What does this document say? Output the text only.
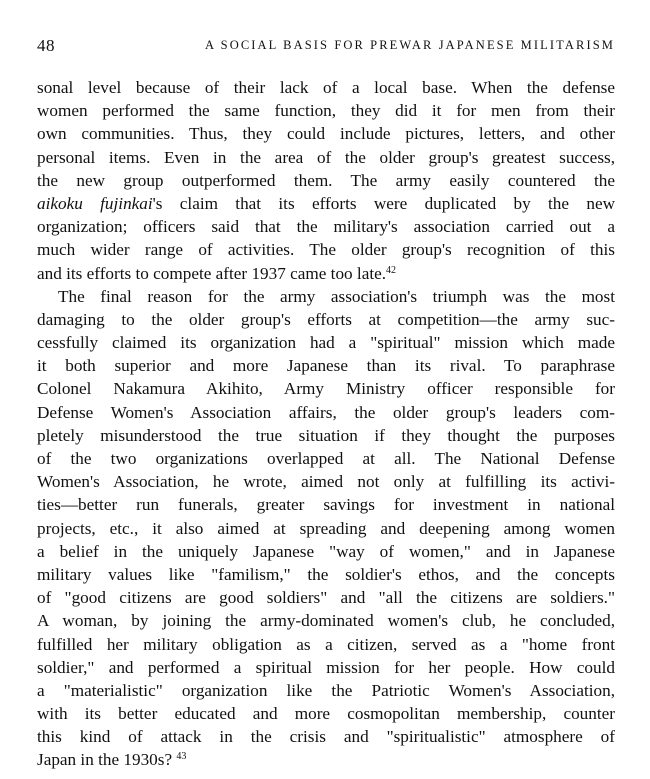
48	A SOCIAL BASIS FOR PREWAR JAPANESE MILITARISM
sonal level because of their lack of a local base. When the defense
women performed the same function, they did it for men from their
own communities. Thus, they could include pictures, letters, and other
personal items. Even in the area of the older group's greatest success,
the new group outperformed them. The army easily countered the
aikoku fujinkai's claim that its efforts were duplicated by the new
organization; officers said that the military's association carried out a
much wider range of activities. The older group's recognition of this
and its efforts to compete after 1937 came too late.$^{42}$
The final reason for the army association's triumph was the most
damaging to the older group's efforts at competition—the army suc-
cessfully claimed its organization had a "spiritual" mission which made
it both superior and more Japanese than its rival. To paraphrase
Colonel Nakamura Akihito, Army Ministry officer responsible for
Defense Women's Association affairs, the older group's leaders com-
pletely misunderstood the true situation if they thought the purposes
of the two organizations overlapped at all. The National Defense
Women's Association, he wrote, aimed not only at fulfilling its activi-
ties—better run funerals, greater savings for investment in national
projects, etc., it also aimed at spreading and deepening among women
a belief in the uniquely Japanese "way of women," and in Japanese
military values like "familism," the soldier's ethos, and the concepts
of "good citizens are good soldiers" and "all the citizens are soldiers."
A woman, by joining the army-dominated women's club, he concluded,
fulfilled her military obligation as a citizen, served as a "home front
soldier," and performed a spiritual mission for her people. How could
a "materialistic" organization like the Patriotic Women's Association,
with its better educated and more cosmopolitan membership, counter
this kind of attack in the crisis and "spiritualistic" atmosphere of
Japan in the 1930s? $^{43}$
